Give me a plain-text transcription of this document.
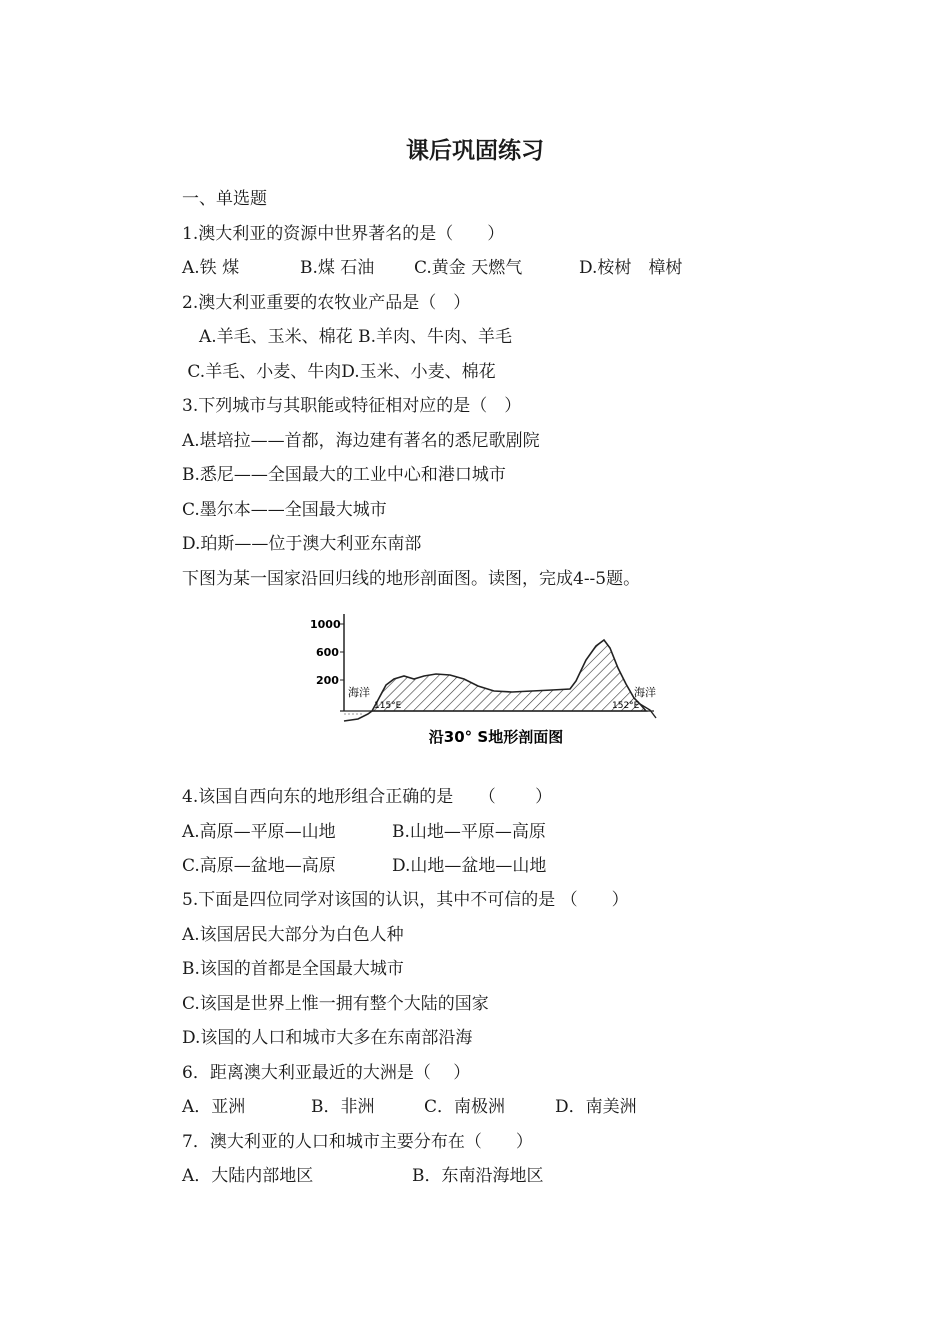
课后巩固练习
一、单选题
1.澳大利亚的资源中世界著名的是（　　）
A.铁 煤	B.煤 石油 C.黄金 天燃气	D.桉树　樟树
2.澳大利亚重要的农牧业产品是（　）
　A.羊毛、玉米、棉花 B.羊肉、牛肉、羊毛
C.羊毛、小麦、牛肉D.玉米、小麦、棉花
3.下列城市与其职能或特征相对应的是（　）
A.堪培拉——首都，海边建有著名的悉尼歌剧院
B.悉尼——全国最大的工业中心和港口城市
C.墨尔本——全国最大城市
D.珀斯——位于澳大利亚东南部
下图为某一国家沿回归线的地形剖面图。读图，完成4--5题。
1000
600
200
海洋	海洋
115°E	152°E
沿30° S地形剖面图
4.该国自西向东的地形组合正确的是　　（　　 ）
A.高原—平原—山地	B.山地—平原—高原
C.高原—盆地—高原	D.山地—盆地—山地
5.下面是四位同学对该国的认识，其中不可信的是 （　　）
A.该国居民大部分为白色人种
B.该国的首都是全国最大城市
C.该国是世界上惟一拥有整个大陆的国家
D.该国的人口和城市大多在东南部沿海
6．距离澳大利亚最近的大洲是（　 ）
A．亚洲	B．非洲	C．南极洲	D．南美洲
7．澳大利亚的人口和城市主要分布在（　　）
A．大陆内部地区	B．东南沿海地区
